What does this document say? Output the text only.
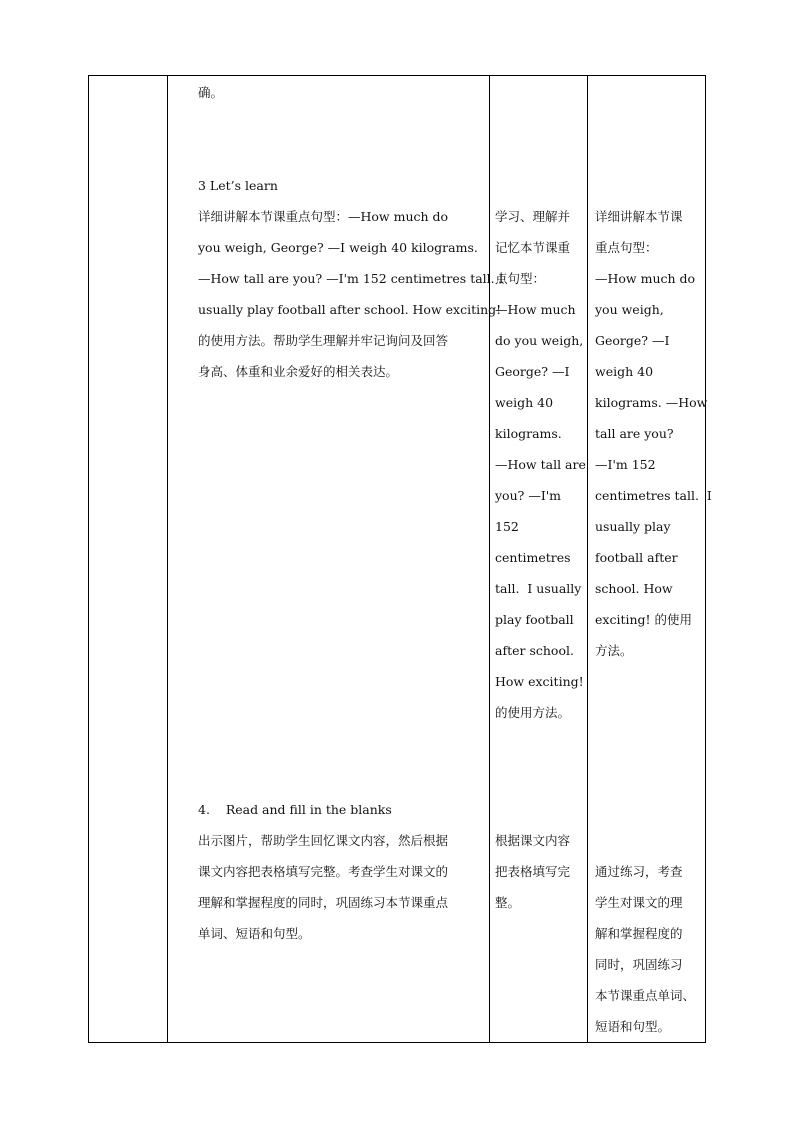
确。
3 Let’s learn
详细讲解本节课重点句型：—How much do
you weigh, George? —I weigh 40 kilograms.
—How tall are you? —I'm 152 centimetres tall. I
usually play football after school. How exciting!
的使用方法。帮助学生理解并牢记询问及回答
身高、体重和业余爱好的相关表达。
4.    Read and fill in the blanks
出示图片，帮助学生回忆课文内容，然后根据
课文内容把表格填写完整。考查学生对课文的
理解和掌握程度的同时，巩固练习本节课重点
单词、短语和句型。
学习、理解并
记忆本节课重
点句型：
—How much
do you weigh,
George? —I
weigh 40
kilograms.
—How tall are
you? —I'm
152
centimetres
tall.  I usually
play football
after school.
How exciting!
的使用方法。
根据课文内容
把表格填写完
整。
详细讲解本节课
重点句型：
—How much do
you weigh,
George? —I
weigh 40
kilograms. —How
tall are you?
—I'm 152
centimetres tall.  I
usually play
football after
school. How
exciting! 的使用
方法。
通过练习，考查
学生对课文的理
解和掌握程度的
同时，巩固练习
本节课重点单词、
短语和句型。
